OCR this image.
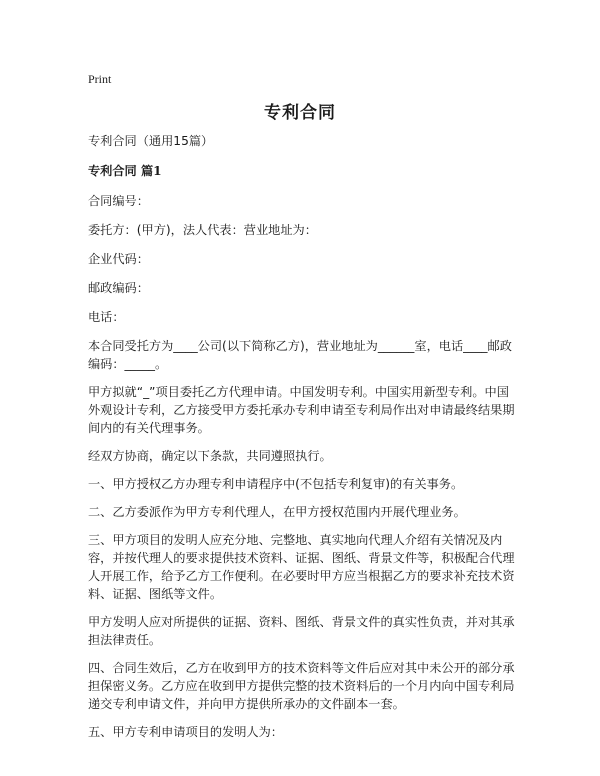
Print
专利合同

专利合同（通用15篇）

专利合同 篇1

合同编号：

委托方：(甲方)，法人代表：营业地址为：

企业代码：

邮政编码：

电话：

本合同受托方为____公司(以下简称乙方)，营业地址为______室，电话____邮政编码：_____。

甲方拟就“_”项目委托乙方代理申请。中国发明专利。中国实用新型专利。中国外观设计专利，乙方接受甲方委托承办专利申请至专利局作出对申请最终结果期间内的有关代理事务。

经双方协商，确定以下条款，共同遵照执行。

一、甲方授权乙方办理专利申请程序中(不包括专利复审)的有关事务。

二、乙方委派作为甲方专利代理人，在甲方授权范围内开展代理业务。

三、甲方项目的发明人应充分地、完整地、真实地向代理人介绍有关情况及内容，并按代理人的要求提供技术资料、证据、图纸、背景文件等，积极配合代理人开展工作，给予乙方工作便利。在必要时甲方应当根据乙方的要求补充技术资料、证据、图纸等文件。

甲方发明人应对所提供的证据、资料、图纸、背景文件的真实性负责，并对其承担法律责任。

四、合同生效后，乙方在收到甲方的技术资料等文件后应对其中未公开的部分承担保密义务。乙方应在收到甲方提供完整的技术资料后的一个月内向中国专利局递交专利申请文件，并向甲方提供所承办的文件副本一套。

五、甲方专利申请项目的发明人为：
